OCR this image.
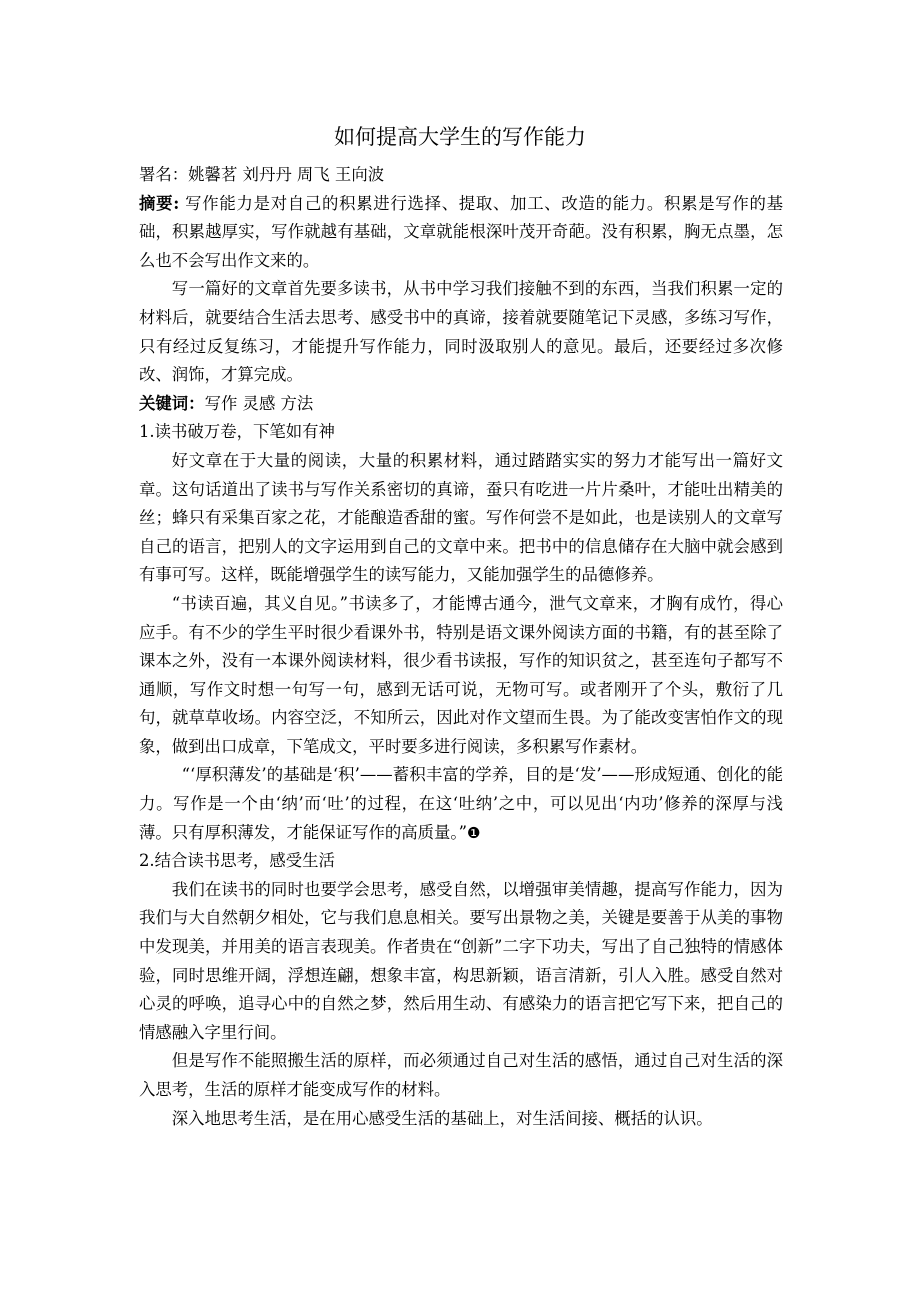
如何提高大学生的写作能力

署名：姚馨茗 刘丹丹 周飞 王向波

摘要: 写作能力是对自己的积累进行选择、提取、加工、改造的能力。积累是写作的基础，积累越厚实，写作就越有基础，文章就能根深叶茂开奇葩。没有积累，胸无点墨，怎么也不会写出作文来的。

写一篇好的文章首先要多读书，从书中学习我们接触不到的东西，当我们积累一定的材料后，就要结合生活去思考、感受书中的真谛，接着就要随笔记下灵感，多练习写作，只有经过反复练习，才能提升写作能力，同时汲取别人的意见。最后，还要经过多次修改、润饰，才算完成。

关键词：写作 灵感 方法

1.读书破万卷，下笔如有神

好文章在于大量的阅读，大量的积累材料，通过踏踏实实的努力才能写出一篇好文章。这句话道出了读书与写作关系密切的真谛，蚕只有吃进一片片桑叶，才能吐出精美的丝；蜂只有采集百家之花，才能酿造香甜的蜜。写作何尝不是如此，也是读别人的文章写自己的语言，把别人的文字运用到自己的文章中来。把书中的信息储存在大脑中就会感到有事可写。这样，既能增强学生的读写能力，又能加强学生的品德修养。

“书读百遍，其义自见。”书读多了，才能博古通今，泄气文章来，才胸有成竹，得心应手。有不少的学生平时很少看课外书，特别是语文课外阅读方面的书籍，有的甚至除了课本之外，没有一本课外阅读材料，很少看书读报，写作的知识贫之，甚至连句子都写不通顺，写作文时想一句写一句，感到无话可说，无物可写。或者刚开了个头，敷衍了几句，就草草收场。内容空泛，不知所云，因此对作文望而生畏。为了能改变害怕作文的现象，做到出口成章，下笔成文，平时要多进行阅读，多积累写作素材。

“‘厚积薄发’的基础是‘积’——蓄积丰富的学养，目的是‘发’——形成短通、创化的能力。写作是一个由‘纳’而‘吐’的过程，在这‘吐纳’之中，可以见出‘内功’修养的深厚与浅薄。只有厚积薄发，才能保证写作的高质量。”❶

2.结合读书思考，感受生活

我们在读书的同时也要学会思考，感受自然，以增强审美情趣，提高写作能力，因为我们与大自然朝夕相处，它与我们息息相关。要写出景物之美，关键是要善于从美的事物中发现美，并用美的语言表现美。作者贵在“创新”二字下功夫，写出了自己独特的情感体验，同时思维开阔，浮想连翩，想象丰富，构思新颖，语言清新，引人入胜。感受自然对心灵的呼唤，追寻心中的自然之梦，然后用生动、有感染力的语言把它写下来，把自己的情感融入字里行间。

但是写作不能照搬生活的原样，而必须通过自己对生活的感悟，通过自己对生活的深入思考，生活的原样才能变成写作的材料。

深入地思考生活，是在用心感受生活的基础上，对生活间接、概括的认识。
